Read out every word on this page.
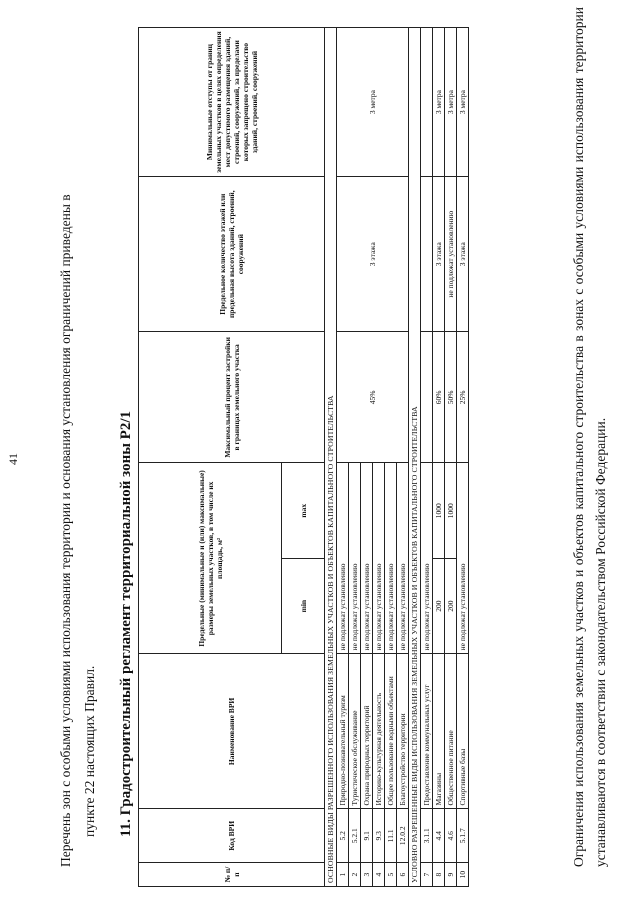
41	Перечень зон с особыми условиями использования территории и основания установления ограничений приведены в пункте 22 настоящих Правил. 11. Градостроительный регламент территориальной зоны Р2/1
№ п/п	Код ВРИ	Наименование ВРИ	Предельные (минимальные и (или) максимальные) размеры земельных участков, в том числе их площадь, м²		Максимальный процент застройки в границах земельного участка	Предельное количество этажей или предельная высота зданий, строений, сооружений	Минимальные отступы от границ земельных участков в целях определения мест допустимого размещения зданий, строений, сооружений, за пределами которых запрещено строительство зданий, строений, сооружений
			min	max			
ОСНОВНЫЕ ВИДЫ РАЗРЕШЕННОГО ИСПОЛЬЗОВАНИЯ ЗЕМЕЛЬНЫХ УЧАСТКОВ И ОБЪЕКТОВ КАПИТАЛЬНОГО СТРОИТЕЛЬСТВА							
1	5.2	Природно-познавательный туризм	не подлежат установлению		45%	3 этажа	3 метра
2	5.2.1	Туристическое обслуживание	не подлежат установлению				
3	9.1	Охрана природных территорий	не подлежат установлению				
4	9.3	Историко-культурная деятельность	не подлежат установлению				
5	11.1	Общее пользование водными объектами	не подлежат установлению				
6	12.0.2	Благоустройство территории	не подлежат установлению				
УСЛОВНО РАЗРЕШЕННЫЕ ВИДЫ ИСПОЛЬЗОВАНИЯ ЗЕМЕЛЬНЫХ УЧАСТКОВ И ОБЪЕКТОВ КАПИТАЛЬНОГО СТРОИТЕЛЬСТВА							
7	3.1.1	Предоставление коммунальных услуг	не подлежат установлению				
8	4.4	Магазины	200	1000	60%	3 этажа	3 метра
9	4.6	Общественное питание	200	1000	50%	не подлежат установлению	3 метра
10	5.1.7	Спортивные базы	не подлежат установлению		25%	3 этажа	3 метра	Ограничения использования земельных участков и объектов капитального строительства в зонах с особыми условиями использования территории устанавливаются в соответствии с законодательством Российской Федерации.
